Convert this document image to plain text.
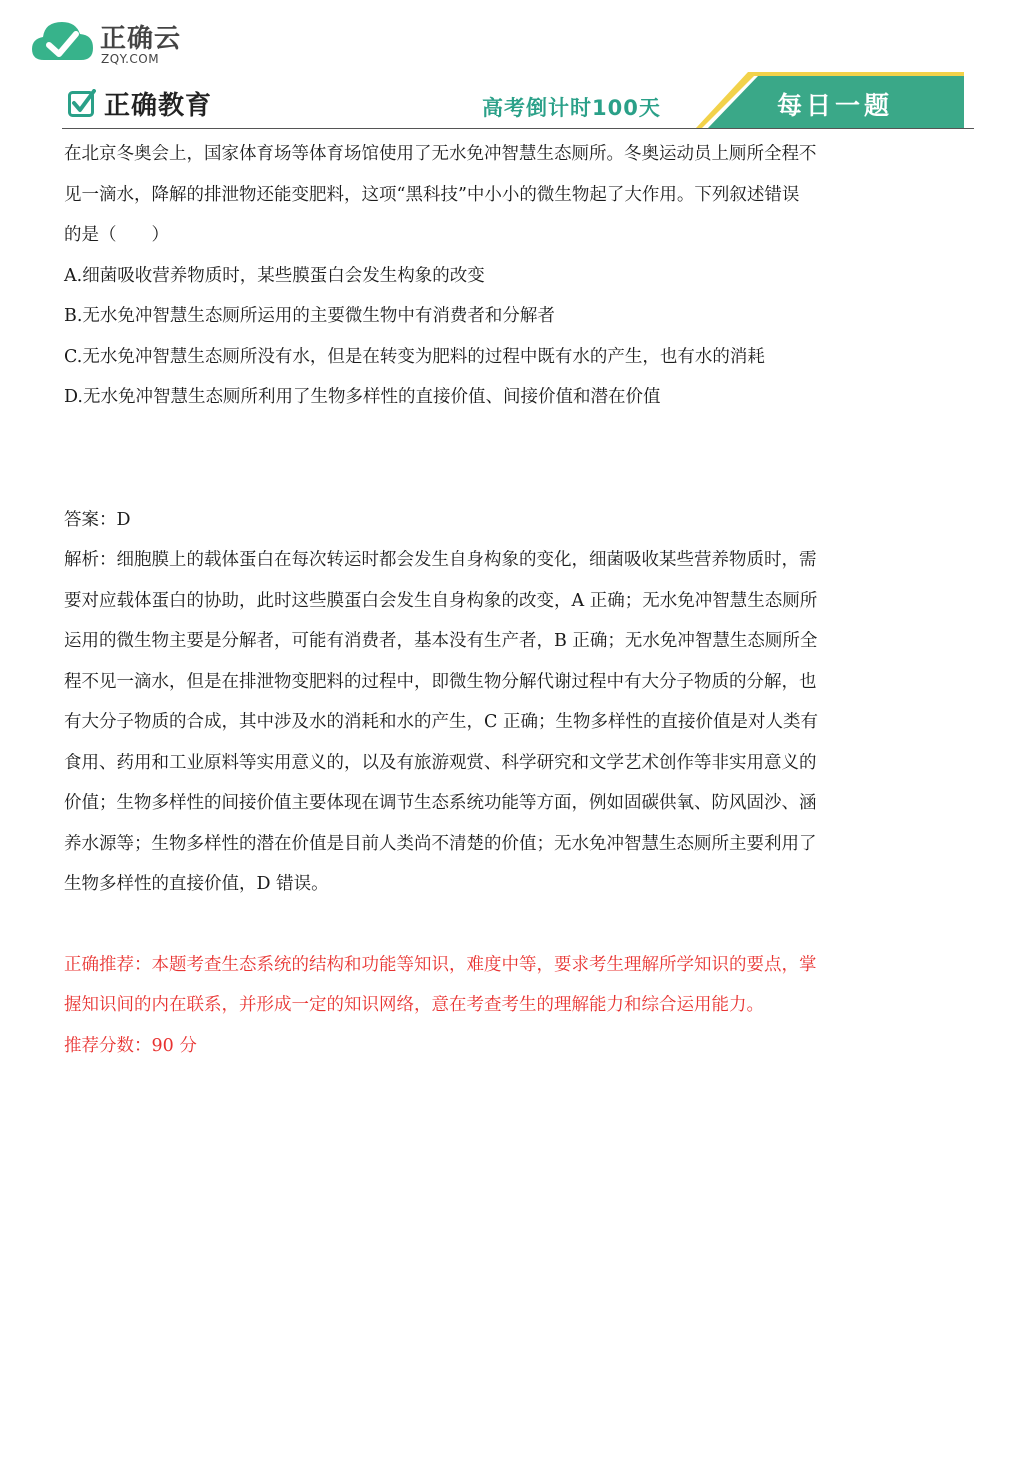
正确云
ZQY.COM
正确教育	高考倒计时100天	每日一题

在北京冬奥会上，国家体育场等体育场馆使用了无水免冲智慧生态厕所。冬奥运动员上厕所全程不

见一滴水，降解的排泄物还能变肥料，这项“黑科技”中小小的微生物起了大作用。下列叙述错误

的是（　　）

A.细菌吸收营养物质时，某些膜蛋白会发生构象的改变

B.无水免冲智慧生态厕所运用的主要微生物中有消费者和分解者

C.无水免冲智慧生态厕所没有水，但是在转变为肥料的过程中既有水的产生，也有水的消耗

D.无水免冲智慧生态厕所利用了生物多样性的直接价值、间接价值和潜在价值

答案：D

解析：细胞膜上的载体蛋白在每次转运时都会发生自身构象的变化，细菌吸收某些营养物质时，需

要对应载体蛋白的协助，此时这些膜蛋白会发生自身构象的改变，A 正确；无水免冲智慧生态厕所

运用的微生物主要是分解者，可能有消费者，基本没有生产者，B 正确；无水免冲智慧生态厕所全

程不见一滴水，但是在排泄物变肥料的过程中，即微生物分解代谢过程中有大分子物质的分解，也

有大分子物质的合成，其中涉及水的消耗和水的产生，C 正确；生物多样性的直接价值是对人类有

食用、药用和工业原料等实用意义的，以及有旅游观赏、科学研究和文学艺术创作等非实用意义的

价值；生物多样性的间接价值主要体现在调节生态系统功能等方面，例如固碳供氧、防风固沙、涵

养水源等；生物多样性的潜在价值是目前人类尚不清楚的价值；无水免冲智慧生态厕所主要利用了

生物多样性的直接价值，D 错误。

正确推荐：本题考查生态系统的结构和功能等知识，难度中等，要求考生理解所学知识的要点，掌

握知识间的内在联系，并形成一定的知识网络，意在考查考生的理解能力和综合运用能力。

推荐分数：90 分
